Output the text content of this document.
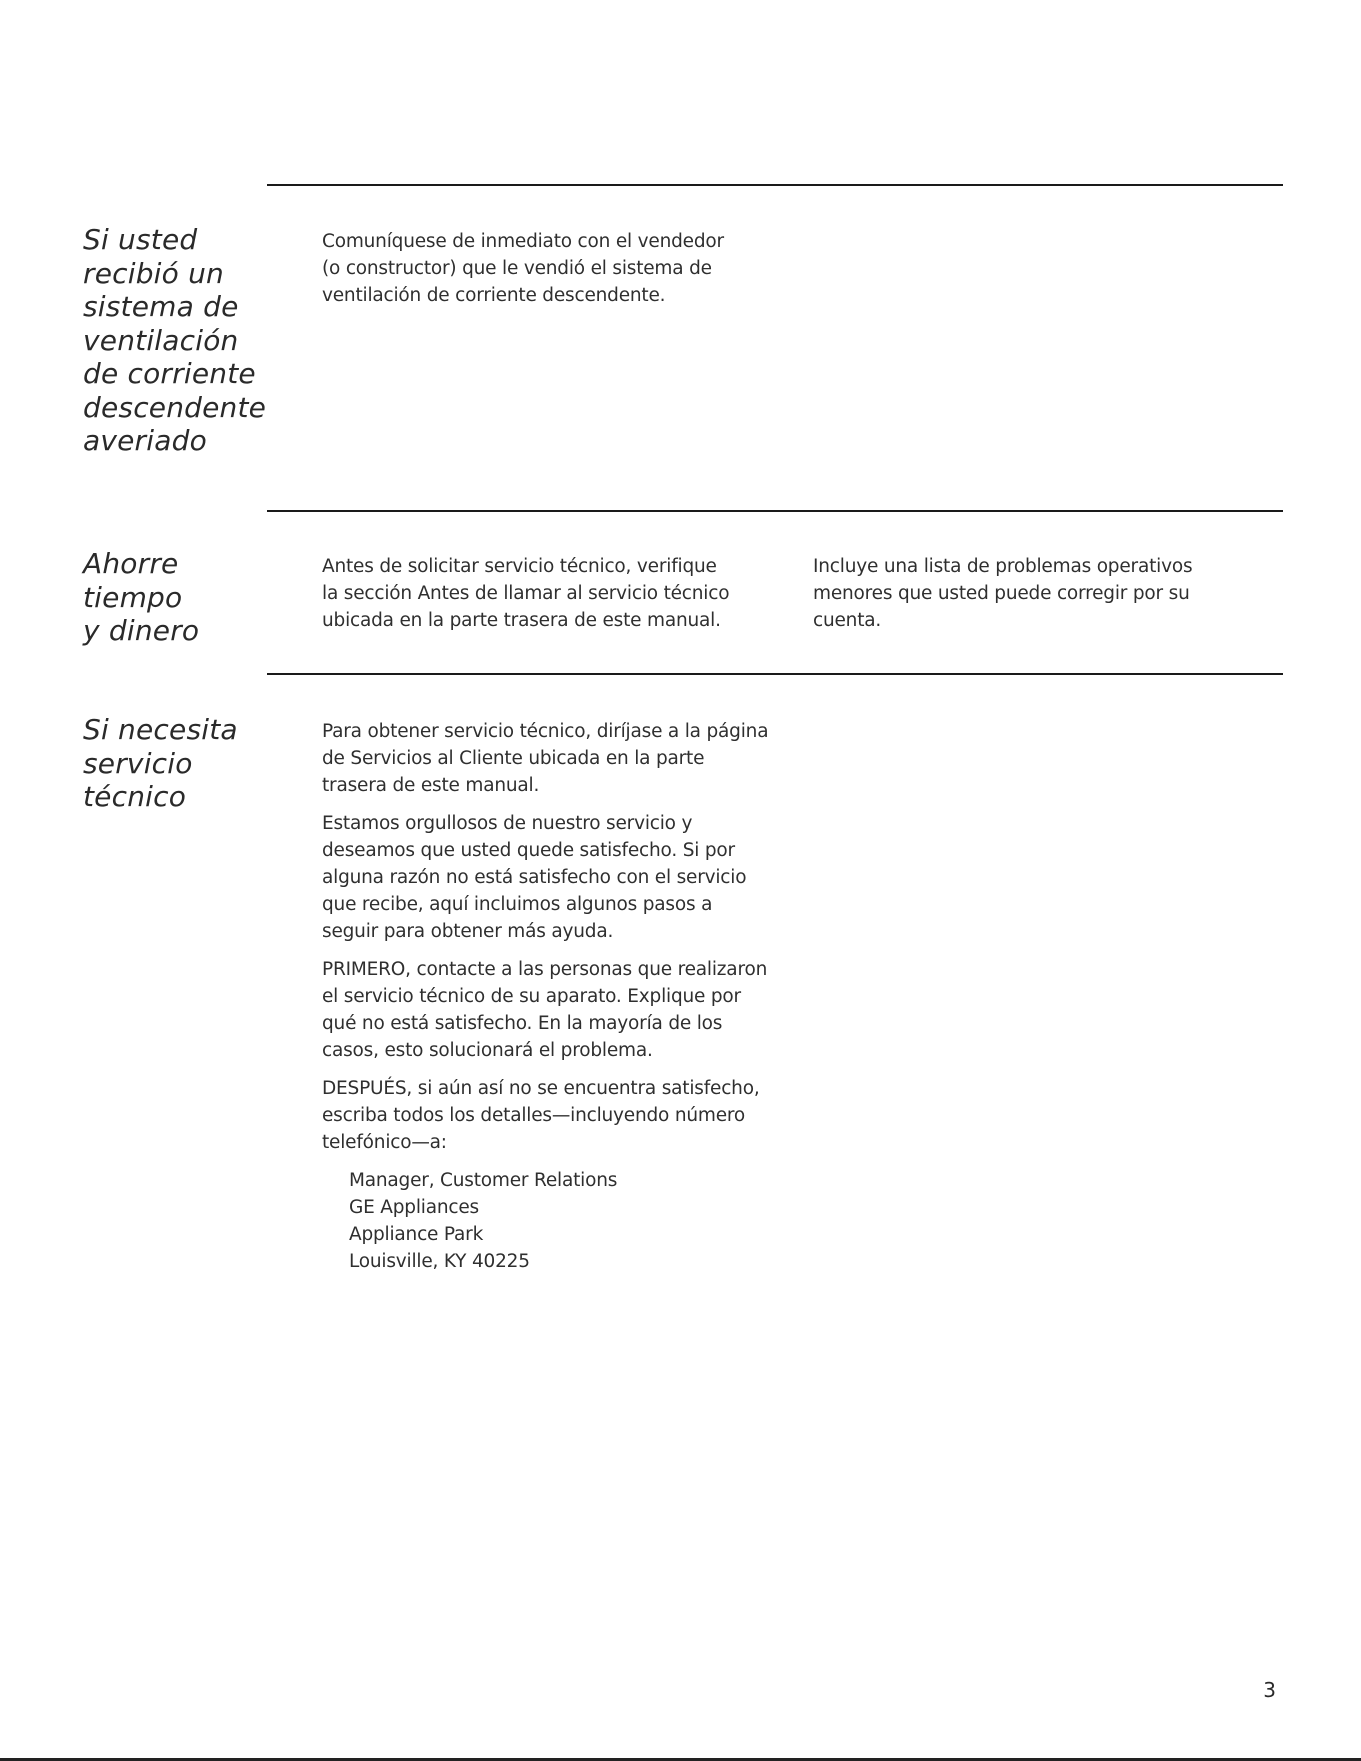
Si usted
recibió un
sistema de
ventilación
de corriente
descendente
averiado
Comuníquese de inmediato con el vendedor
(o constructor) que le vendió el sistema de
ventilación de corriente descendente.
Ahorre
tiempo
y dinero
Antes de solicitar servicio técnico, verifique
la sección Antes de llamar al servicio técnico
ubicada en la parte trasera de este manual.
Incluye una lista de problemas operativos
menores que usted puede corregir por su
cuenta.
Si necesita
servicio
técnico
Para obtener servicio técnico, diríjase a la página
de Servicios al Cliente ubicada en la parte
trasera de este manual.
Estamos orgullosos de nuestro servicio y
deseamos que usted quede satisfecho. Si por
alguna razón no está satisfecho con el servicio
que recibe, aquí incluimos algunos pasos a
seguir para obtener más ayuda.
PRIMERO, contacte a las personas que realizaron
el servicio técnico de su aparato. Explique por
qué no está satisfecho. En la mayoría de los
casos, esto solucionará el problema.
DESPUÉS, si aún así no se encuentra satisfecho,
escriba todos los detalles—incluyendo número
telefónico—a:
Manager, Customer Relations
GE Appliances
Appliance Park
Louisville, KY 40225
3
